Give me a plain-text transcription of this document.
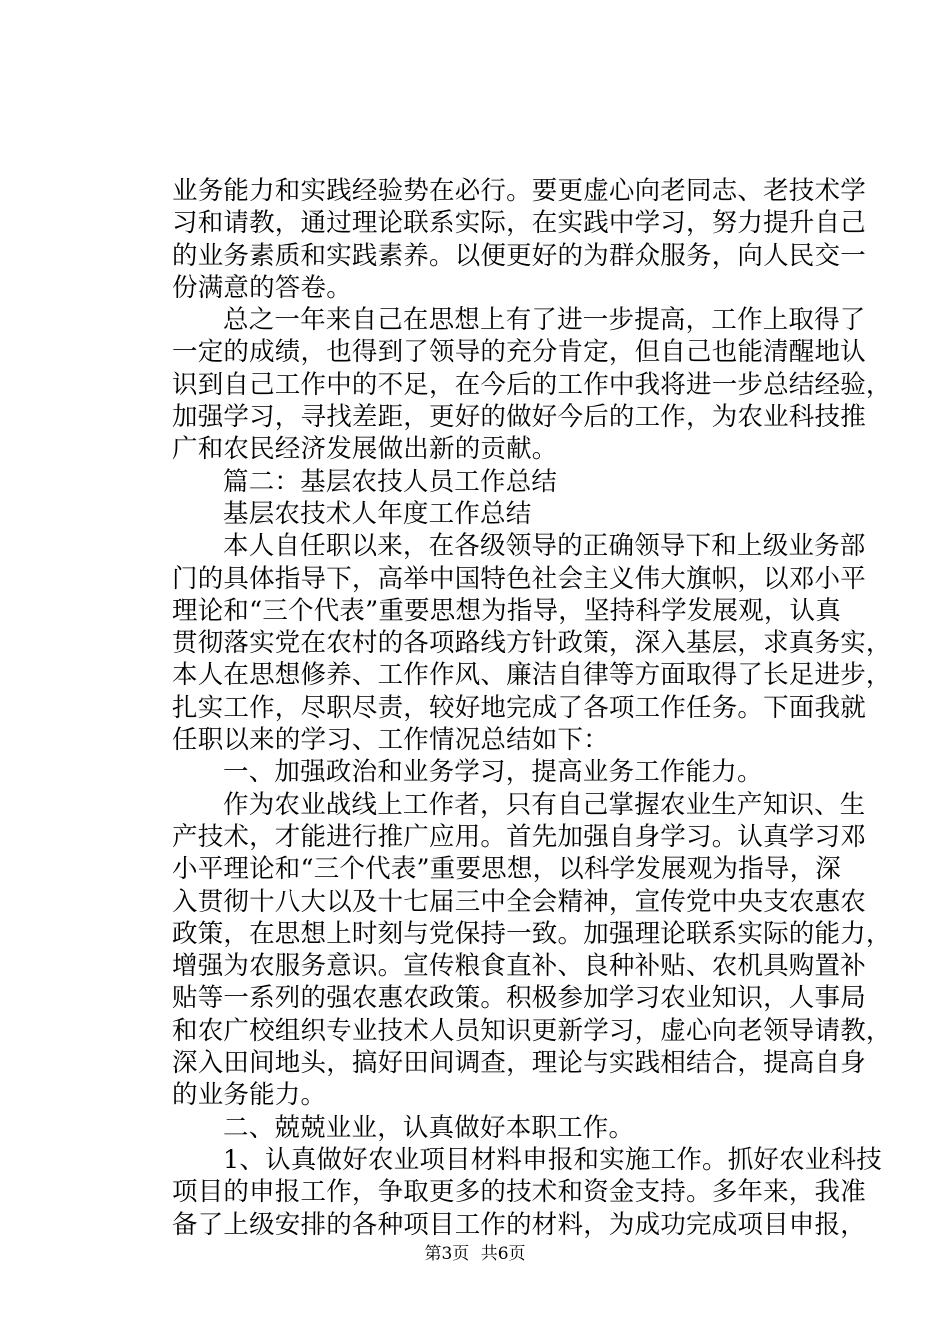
业务能力和实践经验势在必行。要更虚心向老同志、老技术学
习和请教，通过理论联系实际，在实践中学习，努力提升自己
的业务素质和实践素养。以便更好的为群众服务，向人民交一
份满意的答卷。
总之一年来自己在思想上有了进一步提高，工作上取得了
一定的成绩，也得到了领导的充分肯定，但自己也能清醒地认
识到自己工作中的不足，在今后的工作中我将进一步总结经验，
加强学习，寻找差距，更好的做好今后的工作，为农业科技推
广和农民经济发展做出新的贡献。
篇二：基层农技人员工作总结
基层农技术人年度工作总结
本人自任职以来，在各级领导的正确领导下和上级业务部
门的具体指导下，高举中国特色社会主义伟大旗帜，以邓小平
理论和“三个代表”重要思想为指导，坚持科学发展观，认真
贯彻落实党在农村的各项路线方针政策，深入基层，求真务实，
本人在思想修养、工作作风、廉洁自律等方面取得了长足进步，
扎实工作，尽职尽责，较好地完成了各项工作任务。下面我就
任职以来的学习、工作情况总结如下：
一、加强政治和业务学习，提高业务工作能力。
作为农业战线上工作者，只有自己掌握农业生产知识、生
产技术，才能进行推广应用。首先加强自身学习。认真学习邓
小平理论和“三个代表”重要思想，以科学发展观为指导，深
入贯彻十八大以及十七届三中全会精神，宣传党中央支农惠农
政策，在思想上时刻与党保持一致。加强理论联系实际的能力，
增强为农服务意识。宣传粮食直补、良种补贴、农机具购置补
贴等一系列的强农惠农政策。积极参加学习农业知识，人事局
和农广校组织专业技术人员知识更新学习，虚心向老领导请教，
深入田间地头，搞好田间调查，理论与实践相结合，提高自身
的业务能力。
二、兢兢业业，认真做好本职工作。
1、认真做好农业项目材料申报和实施工作。抓好农业科技
项目的申报工作，争取更多的技术和资金支持。多年来，我准
备了上级安排的各种项目工作的材料，为成功完成项目申报，
第3页 共6页
